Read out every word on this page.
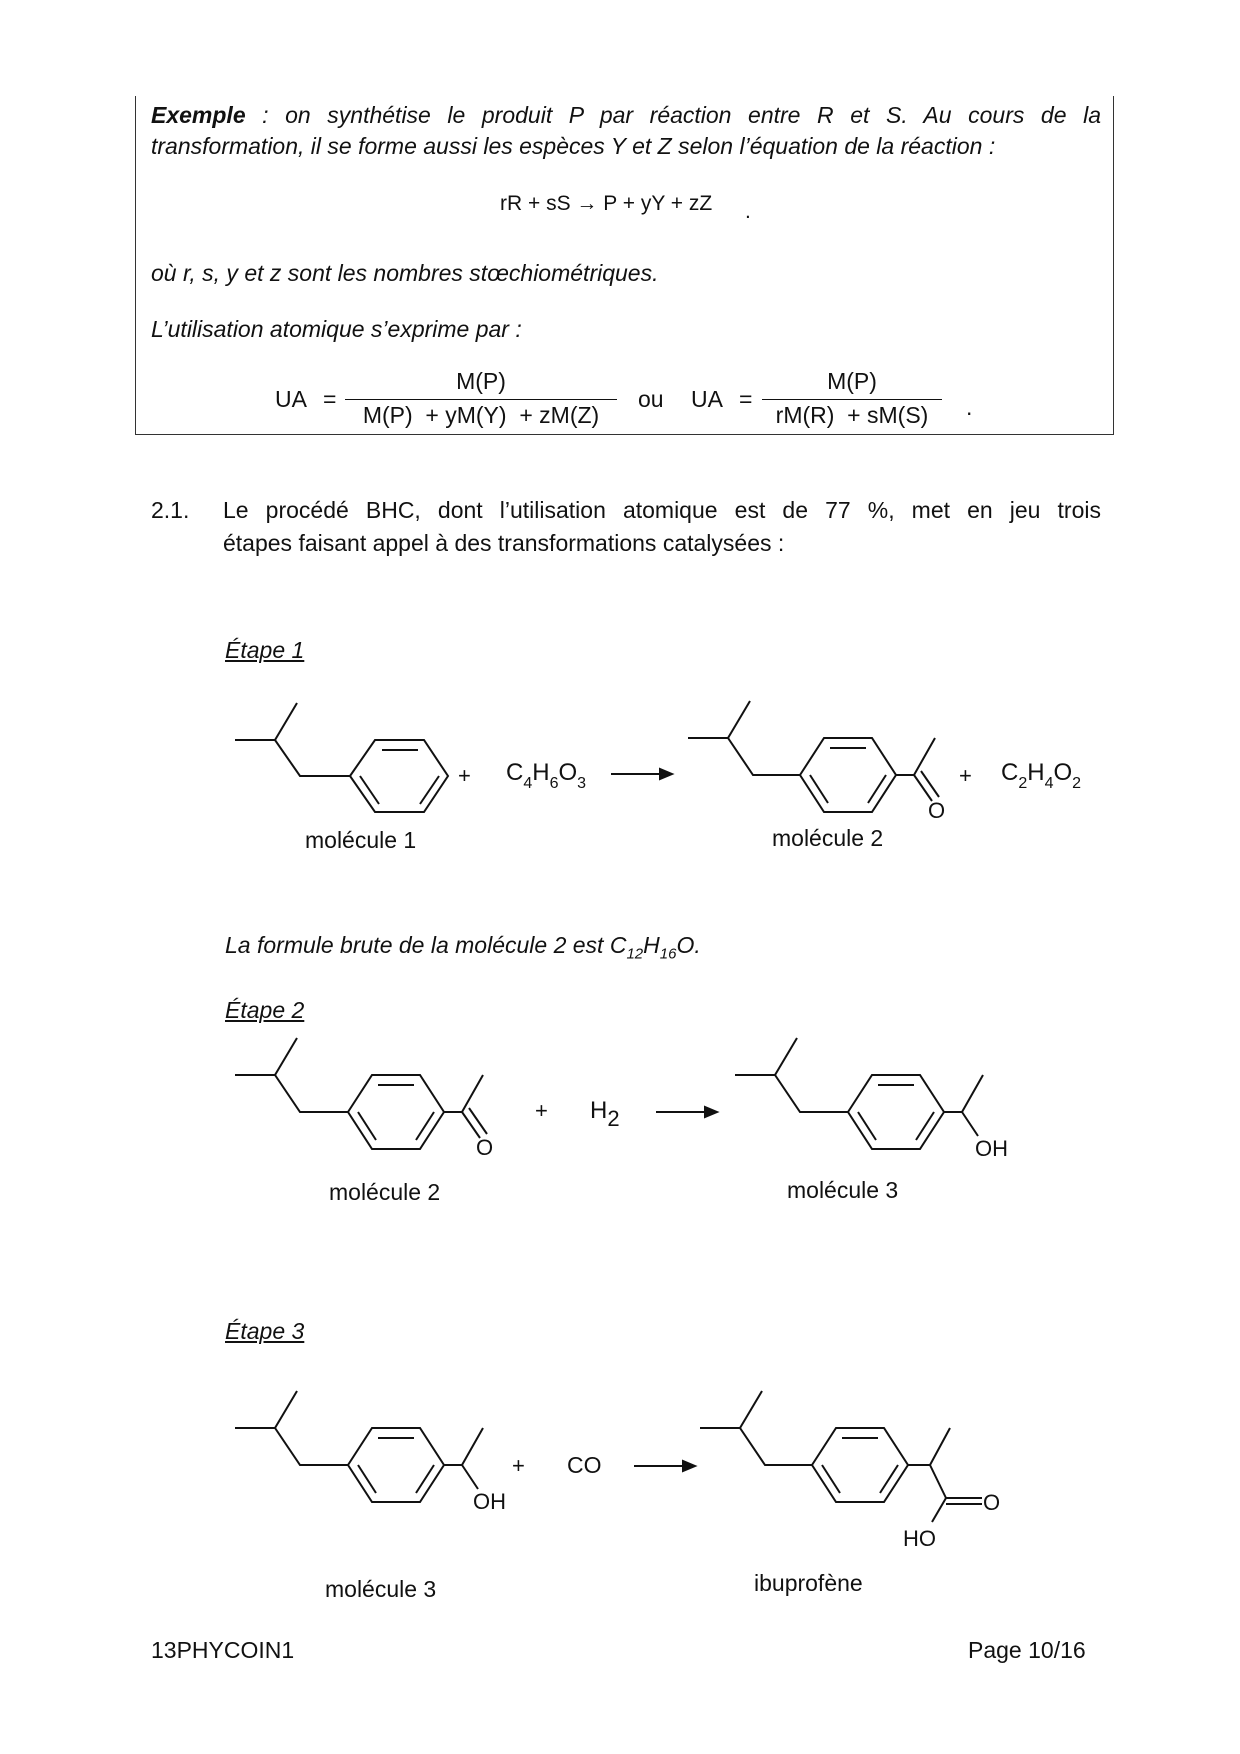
Exemple : on synthétise le produit P par réaction entre R et S. Au cours de la
transformation, il se forme aussi les espèces Y et Z selon l’équation de la réaction :
rR + sS → P + yY + zZ .
où r, s, y et z sont les nombres stœchiométriques.
L’utilisation atomique s’exprime par :
UA =
M(P)
M(P)  + yM(Y)  + zM(Z)
ou UA =
M(P)
rM(R)  + sM(S)	.
2.1. Le procédé BHC, dont l’utilisation atomique est de 77 %, met en jeu trois
étapes faisant appel à des transformations catalysées :
Étape 1
+ $C_4H_6O_3$
O
+ $C_2H_4O_2$
molécule 1	molécule 2
O
+ H2
OH
molécule 2	molécule 3
OH
+ CO
O
HO
molécule 3	ibuprofène
La formule brute de la molécule 2 est $C_{12}H_{16}O$.
Étape 2
Étape 3
13PHYCOIN1	Page 10/16
